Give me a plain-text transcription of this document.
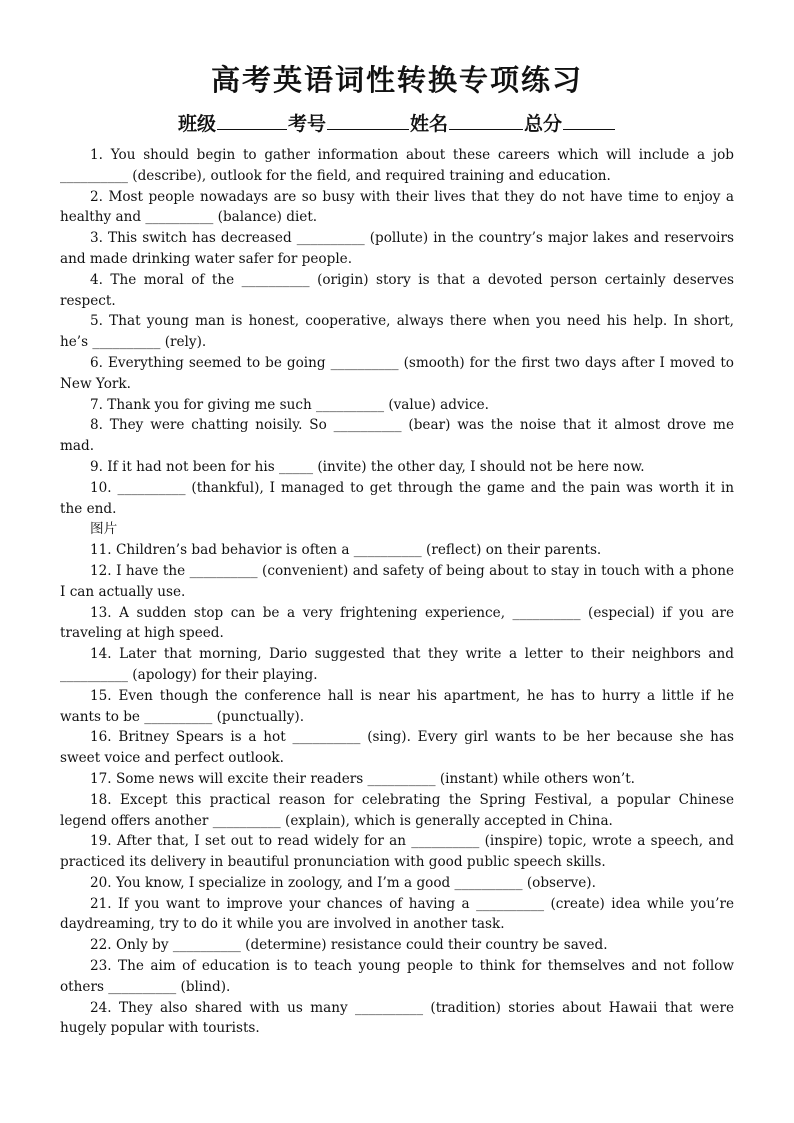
高考英语词性转换专项练习
班级	考号	姓名	总分

1. You should begin to gather information about these careers which will include a job __________ (describe), outlook for the field, and required training and education.

2. Most people nowadays are so busy with their lives that they do not have time to enjoy a healthy and __________ (balance) diet.

3. This switch has decreased __________ (pollute) in the country’s major lakes and reservoirs and made drinking water safer for people.

4. The moral of the __________ (origin) story is that a devoted person certainly deserves respect.

5. That young man is honest, cooperative, always there when you need his help. In short, he’s __________ (rely).

6. Everything seemed to be going __________ (smooth) for the first two days after I moved to New York.

7. Thank you for giving me such __________ (value) advice.

8. They were chatting noisily. So __________ (bear) was the noise that it almost drove me mad.

9. If it had not been for his _____ (invite) the other day, I should not be here now.

10. __________ (thankful), I managed to get through the game and the pain was worth it in the end.

图片

11. Children’s bad behavior is often a __________ (reflect) on their parents.

12. I have the __________ (convenient) and safety of being about to stay in touch with a phone I can actually use.

13. A sudden stop can be a very frightening experience, __________ (especial) if you are traveling at high speed.

14. Later that morning, Dario suggested that they write a letter to their neighbors and __________ (apology) for their playing.

15. Even though the conference hall is near his apartment, he has to hurry a little if he wants to be __________ (punctually).

16. Britney Spears is a hot __________ (sing). Every girl wants to be her because she has sweet voice and perfect outlook.

17. Some news will excite their readers __________ (instant) while others won’t.

18. Except this practical reason for celebrating the Spring Festival, a popular Chinese legend offers another __________ (explain), which is generally accepted in China.

19. After that, I set out to read widely for an __________ (inspire) topic, wrote a speech, and practiced its delivery in beautiful pronunciation with good public speech skills.

20. You know, I specialize in zoology, and I’m a good __________ (observe).

21. If you want to improve your chances of having a __________ (create) idea while you’re daydreaming, try to do it while you are involved in another task.

22. Only by __________ (determine) resistance could their country be saved.

23. The aim of education is to teach young people to think for themselves and not follow others __________ (blind).

24. They also shared with us many __________ (tradition) stories about Hawaii that were hugely popular with tourists.
